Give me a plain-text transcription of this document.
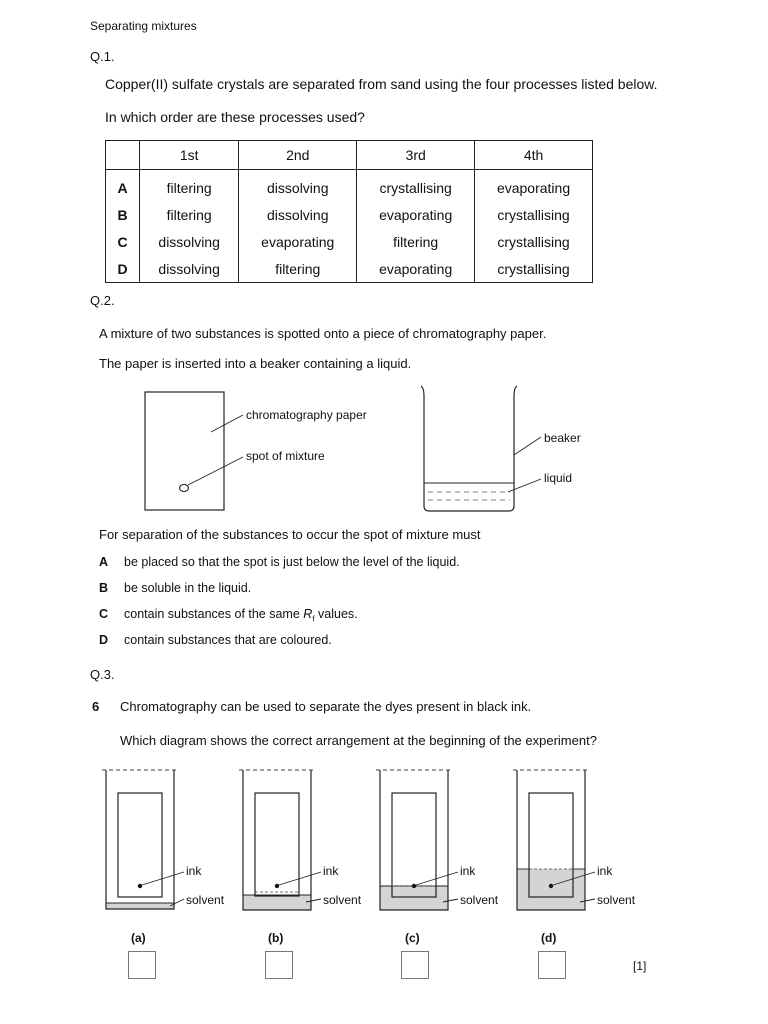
Separating mixtures
Q.1.
Copper(II) sulfate crystals are separated from sand using the four processes listed below.
In which order are these processes used?
	1st	2nd	3rd	4th
A	filtering	dissolving	crystallising	evaporating
B	filtering	dissolving	evaporating	crystallising
C	dissolving	evaporating	filtering	crystallising
D	dissolving	filtering	evaporating	crystallising
Q.2.
A mixture of two substances is spotted onto a piece of chromatography paper.
The paper is inserted into a beaker containing a liquid.
chromatography paper
spot of mixture
beaker
liquid
For separation of the substances to occur the spot of mixture must
A be placed so that the spot is just below the level of the liquid.
B be soluble in the liquid.
C contain substances of the same $R_f$ values.
D contain substances that are coloured.
Q.3.
6 Chromatography can be used to separate the dyes present in black ink.
Which diagram shows the correct arrangement at the beginning of the experiment?
ink
solvent
ink
solvent
ink
solvent
ink
solvent
(a)	(b)	(c)	(d)
[1]
